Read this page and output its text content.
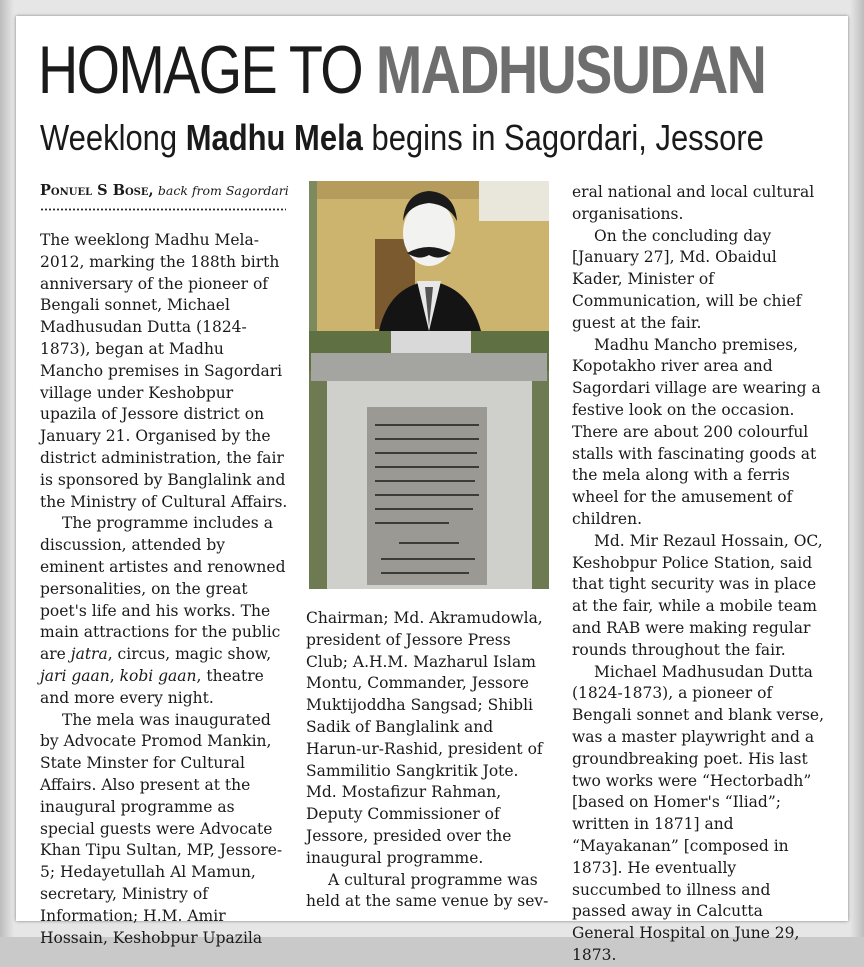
HOMAGE TO MADHUSUDAN
Weeklong Madhu Mela begins in Sagordari, Jessore
Ponuel S Bose, back from Sagordari

The weeklong Madhu Mela-2012, marking the 188th birth anniversary of the pioneer of Bengali sonnet, Michael Madhusudan Dutta (1824-1873), began at Madhu Mancho premises in Sagordari village under Keshobpur upazila of Jessore district on January 21. Organised by the district administration, the fair is sponsored by Banglalink and the Ministry of Cultural Affairs.

The programme includes a discussion, attended by eminent artistes and renowned personalities, on the great poet's life and his works. The main attractions for the public are jatra, circus, magic show, jari gaan, kobi gaan, theatre and more every night.

The mela was inaugurated by Advocate Promod Mankin, State Minster for Cultural Affairs. Also present at the inaugural programme as special guests were Advocate Khan Tipu Sultan, MP, Jessore-5; Hedayetullah Al Mamun, secretary, Ministry of Information; H.M. Amir Hossain, Keshobpur Upazila

Chairman; Md. Akramudowla, president of Jessore Press Club; A.H.M. Mazharul Islam Montu, Commander, Jessore Muktijoddha Sangsad; Shibli Sadik of Banglalink and Harun-ur-Rashid, president of Sammilitio Sangkritik Jote. Md. Mostafizur Rahman, Deputy Commissioner of Jessore, presided over the inaugural programme.

A cultural programme was held at the same venue by sev-

eral national and local cultural organisations.

On the concluding day [January 27], Md. Obaidul Kader, Minister of Communication, will be chief guest at the fair.

Madhu Mancho premises, Kopotakho river area and Sagordari village are wearing a festive look on the occasion. There are about 200 colourful stalls with fascinating goods at the mela along with a ferris wheel for the amusement of children.

Md. Mir Rezaul Hossain, OC, Keshobpur Police Station, said that tight security was in place at the fair, while a mobile team and RAB were making regular rounds throughout the fair.

Michael Madhusudan Dutta (1824-1873), a pioneer of Bengali sonnet and blank verse, was a master playwright and a groundbreaking poet. His last two works were “Hectorbadh” [based on Homer's “Iliad”; written in 1871] and “Mayakanan” [composed in 1873]. He eventually succumbed to illness and passed away in Calcutta General Hospital on June 29, 1873.
